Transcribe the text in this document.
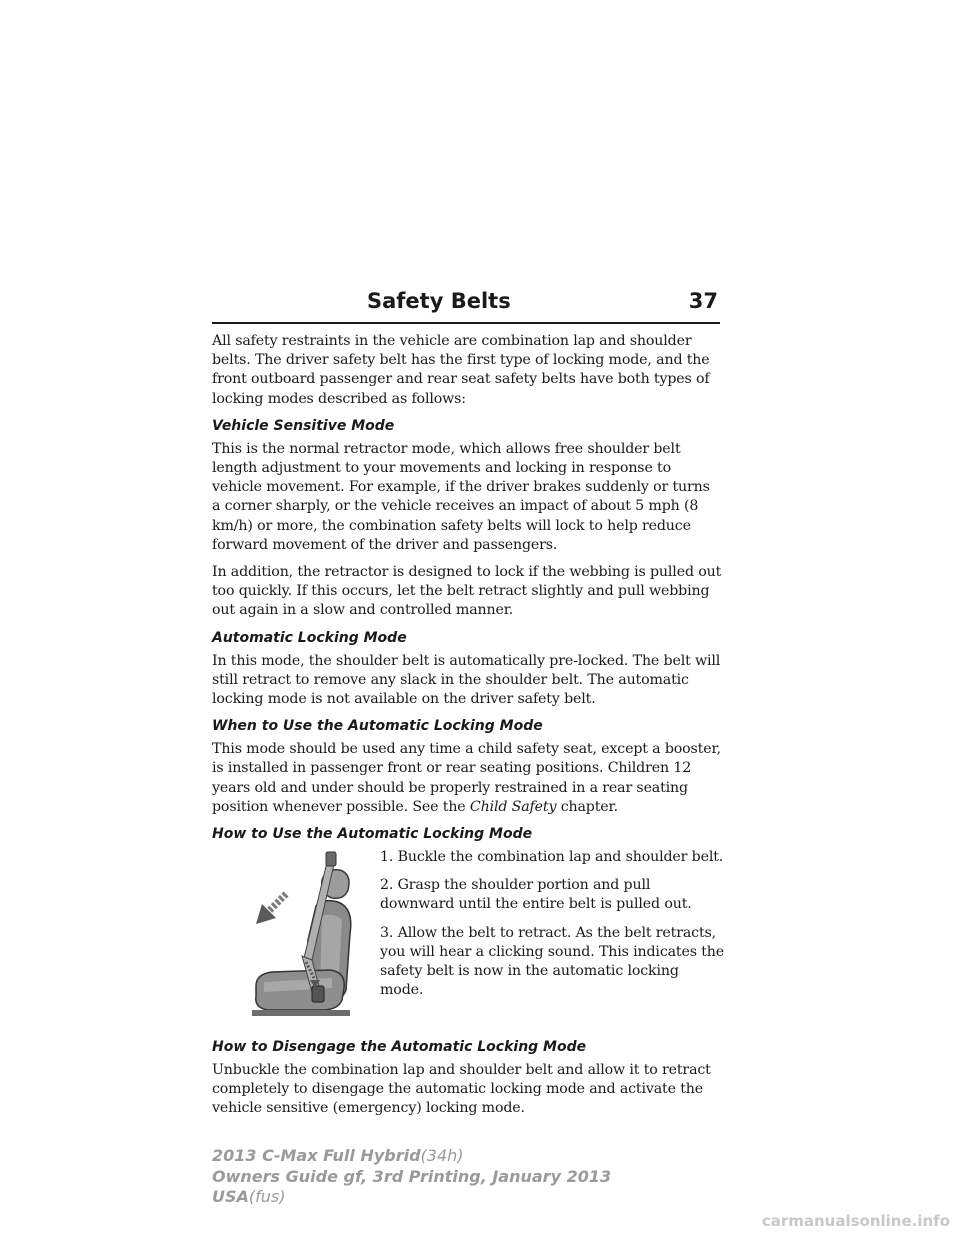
Safety Belts	37

All safety restraints in the vehicle are combination lap and shoulder belts. The driver safety belt has the first type of locking mode, and the front outboard passenger and rear seat safety belts have both types of locking modes described as follows:

Vehicle Sensitive Mode

This is the normal retractor mode, which allows free shoulder belt length adjustment to your movements and locking in response to vehicle movement. For example, if the driver brakes suddenly or turns a corner sharply, or the vehicle receives an impact of about 5 mph (8 km/h) or more, the combination safety belts will lock to help reduce forward movement of the driver and passengers.

In addition, the retractor is designed to lock if the webbing is pulled out too quickly. If this occurs, let the belt retract slightly and pull webbing out again in a slow and controlled manner.

Automatic Locking Mode

In this mode, the shoulder belt is automatically pre-locked. The belt will still retract to remove any slack in the shoulder belt. The automatic locking mode is not available on the driver safety belt.

When to Use the Automatic Locking Mode

This mode should be used any time a child safety seat, except a booster, is installed in passenger front or rear seating positions. Children 12 years old and under should be properly restrained in a rear seating position whenever possible. See the Child Safety chapter.

How to Use the Automatic Locking Mode

1. Buckle the combination lap and shoulder belt.

2. Grasp the shoulder portion and pull downward until the entire belt is pulled out.

3. Allow the belt to retract. As the belt retracts, you will hear a clicking sound. This indicates the safety belt is now in the automatic locking mode.

How to Disengage the Automatic Locking Mode

Unbuckle the combination lap and shoulder belt and allow it to retract completely to disengage the automatic locking mode and activate the vehicle sensitive (emergency) locking mode.

2013 C-Max Full Hybrid(34h)
Owners Guide gf, 3rd Printing, January 2013
USA(fus)
carmanualsonline.info
